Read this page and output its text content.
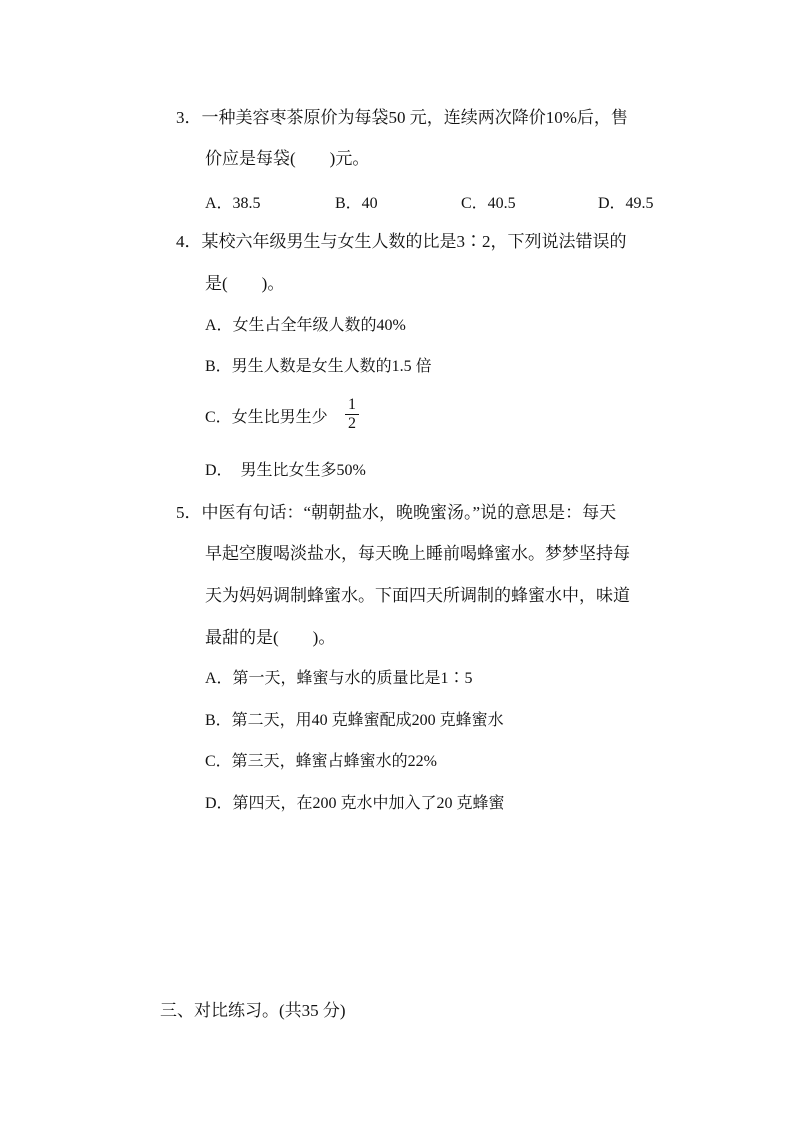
3．一种美容枣茶原价为每袋50 元，连续两次降价10%后，售
价应是每袋(　　)元。
A．38.5	B．40	C．40.5	D．49.5
4．某校六年级男生与女生人数的比是3∶2，下列说法错误的
是(　　)。
A．女生占全年级人数的40%
B．男生人数是女生人数的1.5 倍
C．女生比男生少 $\frac{1}{2}$
D．　男生比女生多50%
5．中医有句话：“朝朝盐水，晚晚蜜汤。”说的意思是：每天
早起空腹喝淡盐水，每天晚上睡前喝蜂蜜水。梦梦坚持每
天为妈妈调制蜂蜜水。下面四天所调制的蜂蜜水中，味道
最甜的是(　　)。
A．第一天，蜂蜜与水的质量比是1∶5
B．第二天，用40 克蜂蜜配成200 克蜂蜜水
C．第三天，蜂蜜占蜂蜜水的22%
D．第四天，在200 克水中加入了20 克蜂蜜
三、对比练习。(共35 分)
